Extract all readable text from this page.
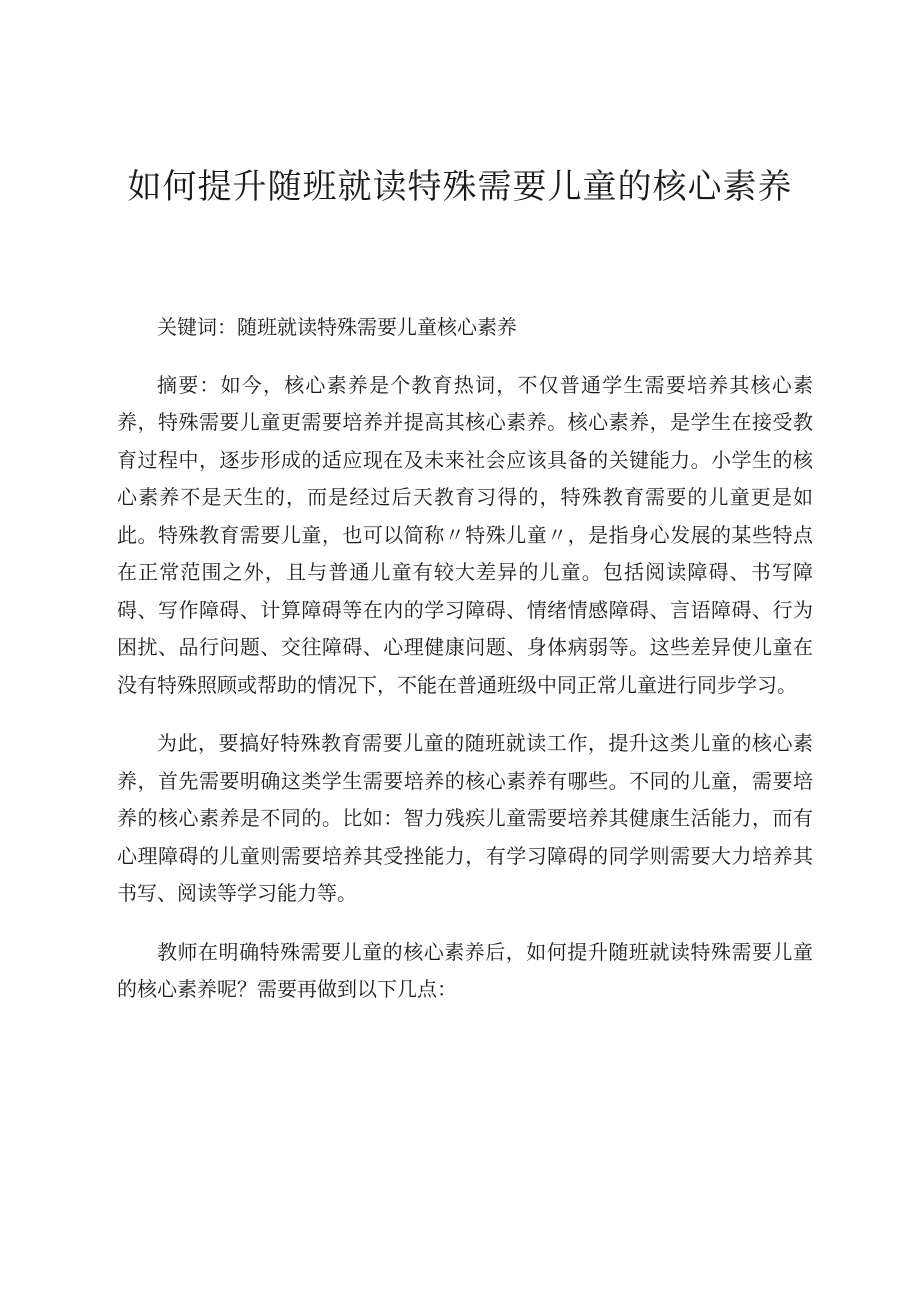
如何提升随班就读特殊需要儿童的核心素养

关键词：随班就读特殊需要儿童核心素养

摘要：如今，核心素养是个教育热词，不仅普通学生需要培养其核心素养，特殊需要儿童更需要培养并提高其核心素养。核心素养，是学生在接受教育过程中，逐步形成的适应现在及未来社会应该具备的关键能力。小学生的核心素养不是天生的，而是经过后天教育习得的，特殊教育需要的儿童更是如此。特殊教育需要儿童，也可以简称〃特殊儿童〃，是指身心发展的某些特点在正常范围之外，且与普通儿童有较大差异的儿童。包括阅读障碍、书写障碍、写作障碍、计算障碍等在内的学习障碍、情绪情感障碍、言语障碍、行为困扰、品行问题、交往障碍、心理健康问题、身体病弱等。这些差异使儿童在没有特殊照顾或帮助的情况下，不能在普通班级中同正常儿童进行同步学习。

为此，要搞好特殊教育需要儿童的随班就读工作，提升这类儿童的核心素养，首先需要明确这类学生需要培养的核心素养有哪些。不同的儿童，需要培养的核心素养是不同的。比如：智力残疾儿童需要培养其健康生活能力，而有心理障碍的儿童则需要培养其受挫能力，有学习障碍的同学则需要大力培养其书写、阅读等学习能力等。

教师在明确特殊需要儿童的核心素养后，如何提升随班就读特殊需要儿童的核心素养呢？需要再做到以下几点：
